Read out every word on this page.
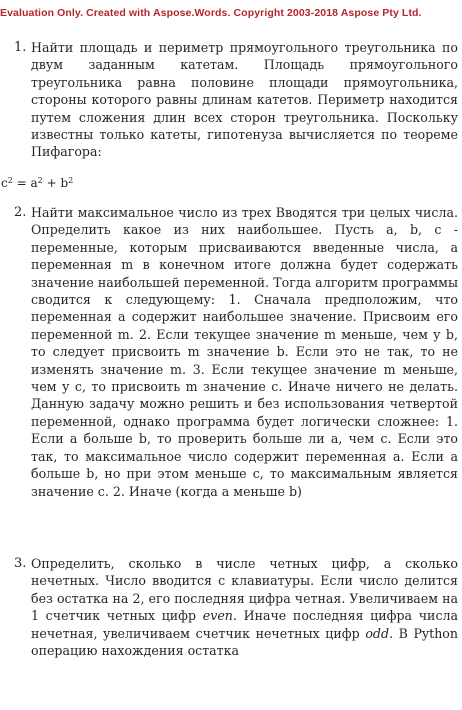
Evaluation Only. Created with Aspose.Words. Copyright 2003-2018 Aspose Pty Ltd.
1. Найти площадь и периметр прямоугольного треугольника по двум заданным катетам. Площадь прямоугольного треугольника равна половине площади прямоугольника, стороны которого равны длинам катетов. Периметр находится путем сложения длин всех сторон треугольника. Поскольку известны только катеты, гипотенуза вычисляется по теореме Пифагора:
$c^2 = a^2 + b^2$
2. Найти максимальное число из трех Вводятся три целых числа. Определить какое из них наибольшее. Пусть a, b, c - переменные, которым присваиваются введенные числа, а переменная m в конечном итоге должна будет содержать значение наибольшей переменной. Тогда алгоритм программы сводится к следующему: 1. Сначала предположим, что переменная a содержит наибольшее значение. Присвоим его переменной m. 2. Если текущее значение m меньше, чем у b, то следует присвоить m значение b. Если это не так, то не изменять значение m. 3. Если текущее значение m меньше, чем у c, то присвоить m значение c. Иначе ничего не делать. Данную задачу можно решить и без использования четвертой переменной, однако программа будет логически сложнее: 1. Если a больше b, то проверить больше ли a, чем c. Если это так, то максимальное число содержит переменная a. Если a больше b, но при этом меньше c, то максимальным является значение c. 2. Иначе (когда a меньше b)
3. Определить, сколько в числе четных цифр, а сколько нечетных. Число вводится с клавиатуры. Если число делится без остатка на 2, его последняя цифра четная. Увеличиваем на 1 счетчик четных цифр even. Иначе последняя цифра числа нечетная, увеличиваем счетчик нечетных цифр odd. В Python операцию нахождения остатка
